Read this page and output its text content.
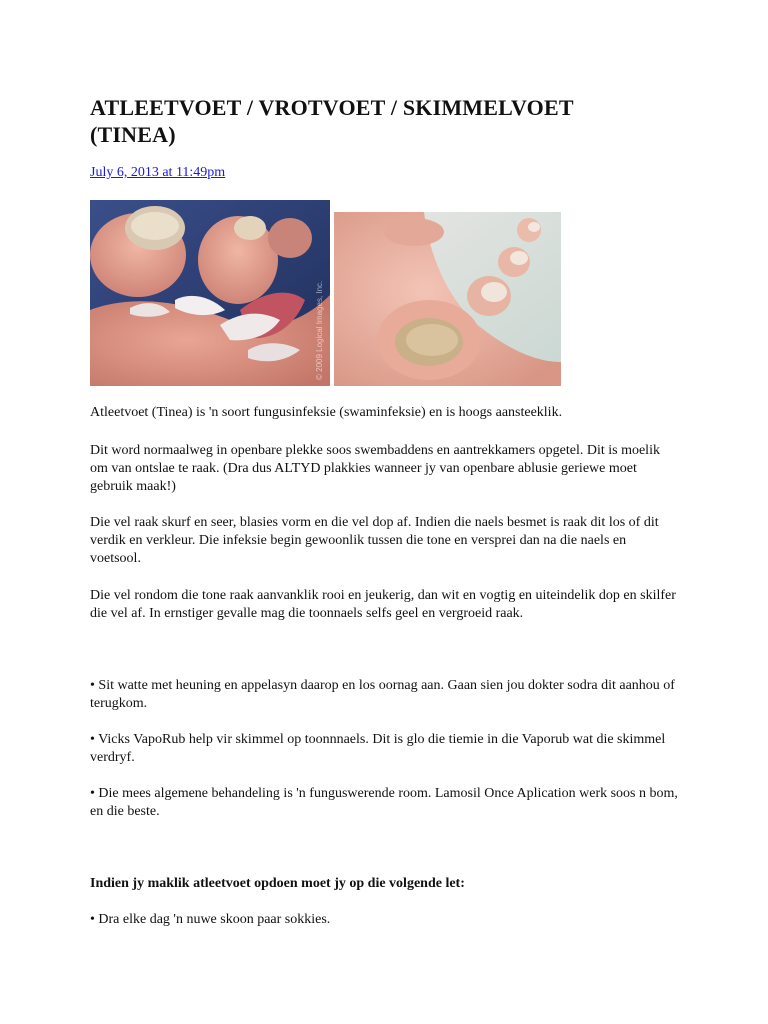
ATLEETVOET / VROTVOET / SKIMMELVOET
(TINEA)
July 6, 2013 at 11:49pm
© 2009 Logical Images, Inc.

Atleetvoet (Tinea) is 'n soort fungusinfeksie (swaminfeksie) en is hoogs aansteeklik.

Dit word normaalweg in openbare plekke soos swembaddens en aantrekkamers opgetel. Dit is moelik om van ontslae te raak. (Dra dus ALTYD plakkies wanneer jy van openbare ablusie geriewe moet gebruik maak!)

Die vel raak skurf en seer, blasies vorm en die vel dop af. Indien die naels besmet is raak dit los of dit verdik en verkleur. Die infeksie begin gewoonlik tussen die tone en versprei dan na die naels en voetsool.

Die vel rondom die tone raak aanvanklik rooi en jeukerig, dan wit en vogtig en uiteindelik dop en skilfer die vel af. In ernstiger gevalle mag die toonnaels selfs geel en vergroeid raak.

• Sit watte met heuning en appelasyn daarop en los oornag aan. Gaan sien jou dokter sodra dit aanhou of terugkom.

• Vicks VapoRub help vir skimmel op toonnnaels. Dit is glo die tiemie in die Vaporub wat die skimmel verdryf.

• Die mees algemene behandeling is 'n funguswerende room. Lamosil Once Aplication werk soos n bom, en die beste.

Indien jy maklik atleetvoet opdoen moet jy op die volgende let:

• Dra elke dag 'n nuwe skoon paar sokkies.
